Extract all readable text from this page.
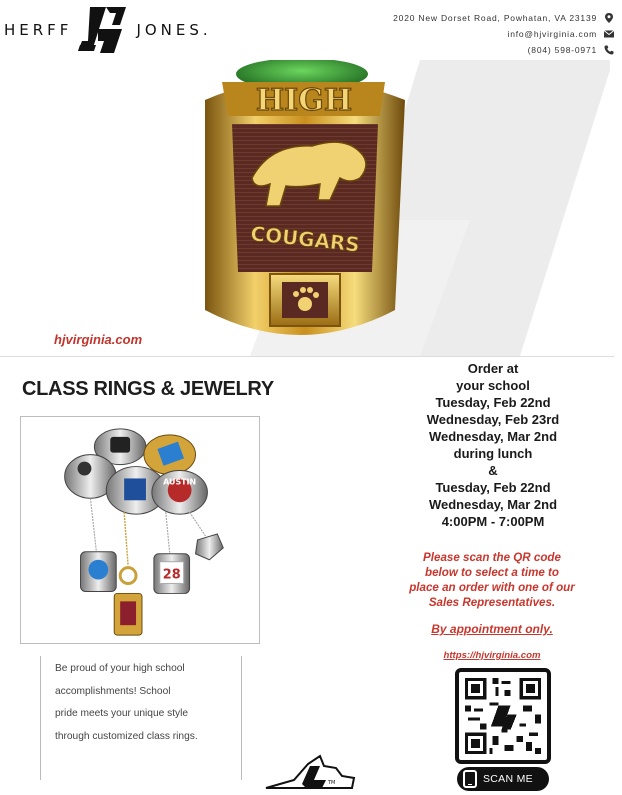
HERFF	JONES.
2020 New Dorset Road, Powhatan, VA 23139
info@hjvirginia.com
(804) 598-0971
HIGH
COUGARS
hjvirginia.com
CLASS RINGS & JEWELRY
AUSTIN
28
Be proud of your high school
accomplishments! School
pride meets your unique style
through customized class rings.
TM
Order at
your school
Tuesday, Feb 22nd
Wednesday, Feb 23rd
Wednesday, Mar 2nd
during lunch
&
Tuesday, Feb 22nd
Wednesday, Mar 2nd
4:00PM - 7:00PM
Please scan the QR code
below to select a time to
place an order with one of our
Sales Representatives.
By appointment only.
https://hjvirginia.com
SCAN ME
